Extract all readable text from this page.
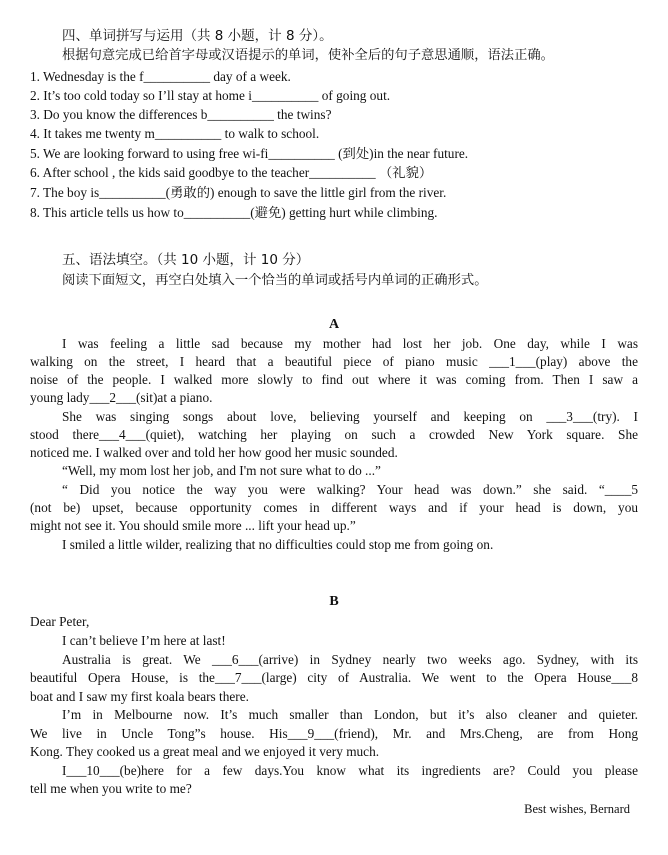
四、单词拼写与运用（共 8 小题，计 8 分）。
根据句意完成已给首字母或汉语提示的单词，使补全后的句子意思通顺，语法正确。
1. Wednesday is the f__________ day of a week.
2. It’s too cold today so I’ll stay at home i__________ of going out.
3. Do you know the differences b__________ the twins?
4. It takes me twenty m__________ to walk to school.
5. We are looking forward to using free wi-fi__________ (到处)in the near future.
6. After school , the kids said goodbye to the teacher__________ （礼貌）
7. The boy is__________(勇敢的) enough to save the little girl from the river.
8. This article tells us how to__________(避免) getting hurt while climbing.
五、语法填空。（共 10 小题，计 10 分）
阅读下面短文，再空白处填入一个恰当的单词或括号内单词的正确形式。
A
I was feeling a little sad because my mother had lost her job. One day, while I was
walking on the street, I heard that a beautiful piece of piano music ___1___(play) above the
noise of the people. I walked more slowly to find out where it was coming from. Then I saw a
young lady___2___(sit)at a piano.
She was singing songs about love, believing yourself and keeping on ___3___(try). I
stood there___4___(quiet), watching her playing on such a crowded New York square. She
noticed me. I walked over and told her how good her music sounded.
“Well, my mom lost her job, and I'm not sure what to do ...”
“ Did you notice the way you were walking? Your head was down.” she said. “____5
(not be) upset, because opportunity comes in different ways and if your head is down, you
might not see it. You should smile more ... lift your head up.”
I smiled a little wilder, realizing that no difficulties could stop me from going on.
B
Dear Peter,
I can’t believe I’m here at last!
Australia is great. We ___6___(arrive) in Sydney nearly two weeks ago. Sydney, with its
beautiful Opera House, is the___7___(large) city of Australia. We went to the Opera House___8
boat and I saw my first koala bears there.
I’m in Melbourne now. It’s much smaller than London, but it’s also cleaner and quieter.
We live in Uncle Tong”s house. His___9___(friend), Mr. and Mrs.Cheng, are from Hong
Kong. They cooked us a great meal and we enjoyed it very much.
I___10___(be)here for a few days.You know what its ingredients are? Could you please
tell me when you write to me?
Best wishes, Bernard
